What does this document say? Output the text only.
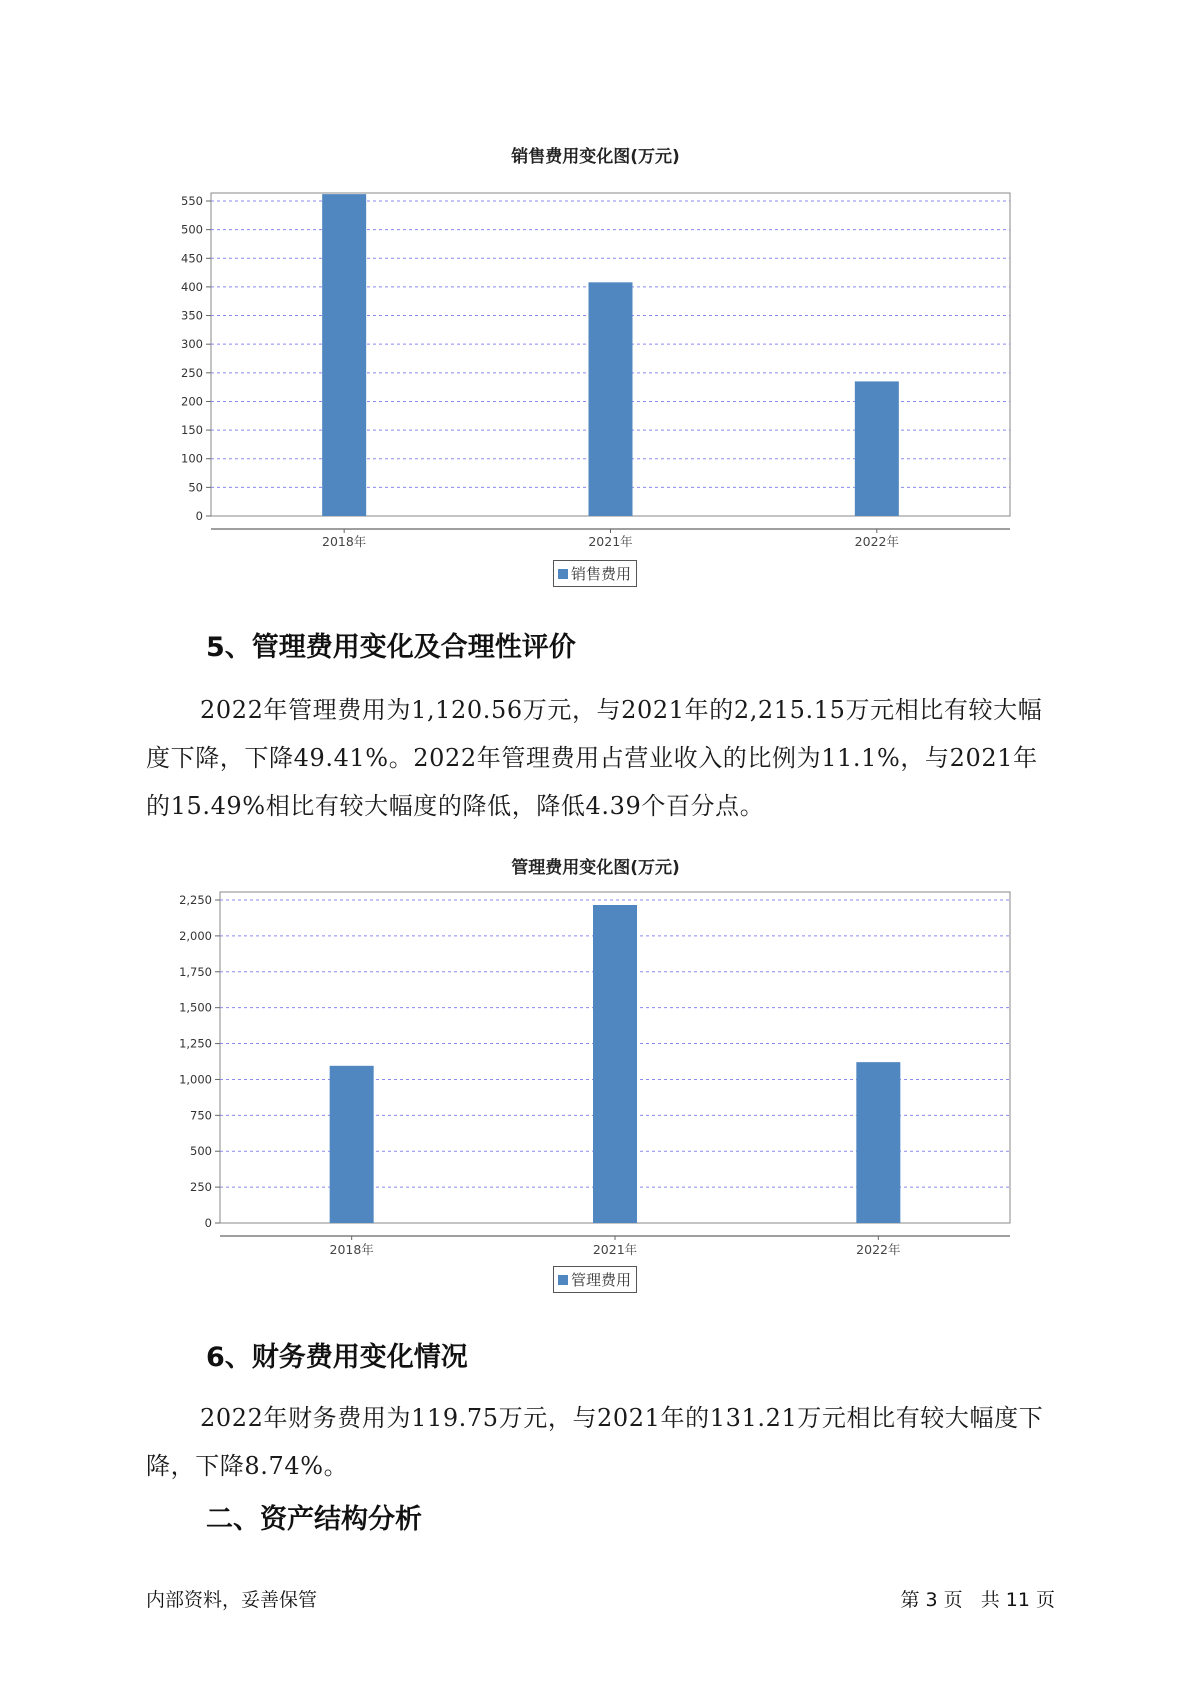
销售费用变化图(万元)
0
50
100
150
200
250
300
350
400
450
500
550
2018年	2021年	2022年
销售费用
5、管理费用变化及合理性评价
2022年管理费用为1,120.56万元，与2021年的2,215.15万元相比有较大幅度下降，下降49.41%。2022年管理费用占营业收入的比例为11.1%，与2021年的15.49%相比有较大幅度的降低，降低4.39个百分点。
管理费用变化图(万元)
0
250
500
750
1,000
1,250
1,500
1,750
2,000
2,250
2018年	2021年	2022年
管理费用
6、财务费用变化情况
2022年财务费用为119.75万元，与2021年的131.21万元相比有较大幅度下降，下降8.74%。
二、资产结构分析
内部资料，妥善保管	第 3 页   共 11 页
